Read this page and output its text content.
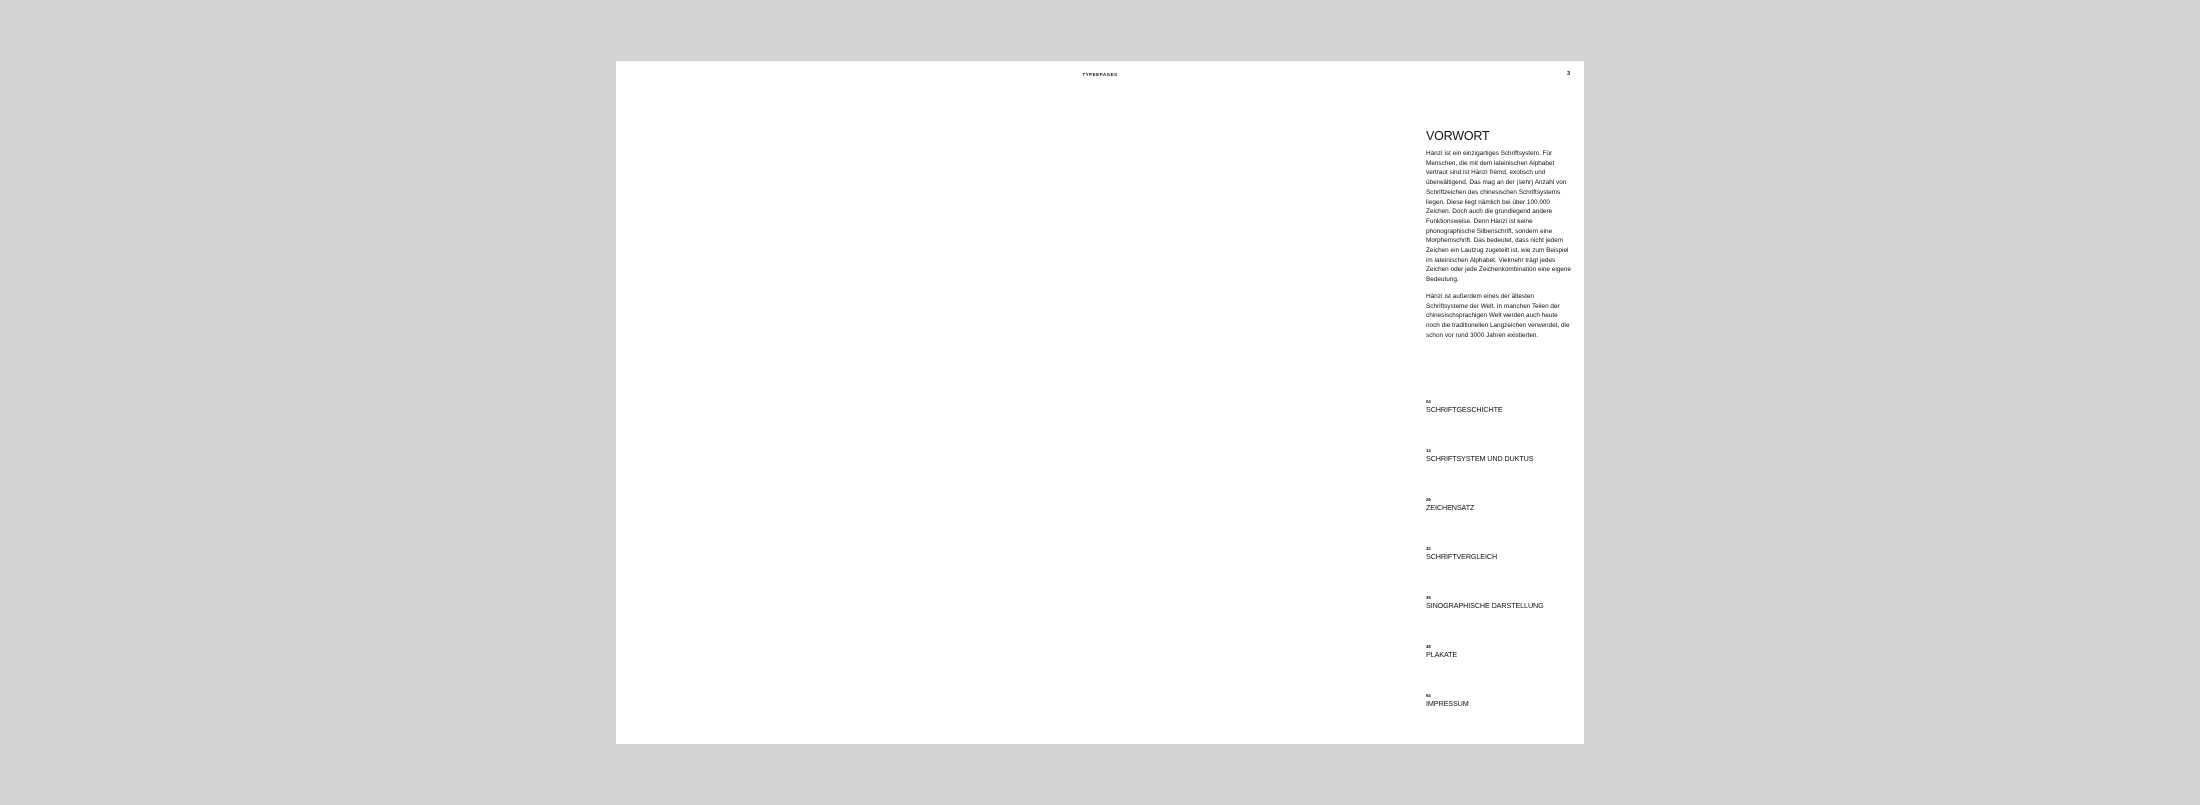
TYPEEPAGES	3
VORWORT

Hànzì ist ein einzigartiges Schriftsystem. Für Menschen, die mit dem lateinischen Alphabet vertraut sind ist Hànzì fremd, exotisch und überwältigend. Das mag an der (sehr) Anzahl von Schriftzeichen des chinesischen Schriftsystems liegen. Diese liegt nämlich bei über 100.000 Zeichen. Doch auch die grundlegend andere Funktionsweise. Denn Hànzì ist keine phonographische Silbenschrift, sondern eine Morphemschrift. Das bedeutet, dass nicht jedem Zeichen ein Lautzug zugeteilt ist, wie zum Beispiel im lateinischen Alphabet. Vielmehr trägt jedes Zeichen oder jede Zeichenkombination eine eigene Bedeutung.

Hànzì ist außerdem eines der ältesten Schriftsysteme der Welt. In manchen Teilen der chinesischsprachigen Welt werden auch heute noch die traditionellen Langzeichen verwendet, die schon vor rund 3000 Jahren existierten.

04
SCHRIFTGESCHICHTE
14
SCHRIFTSYSTEM UND DUKTUS
26
ZEICHENSATZ
32
SCHRIFTVERGLEICH
36
SINOGRAPHISCHE DARSTELLUNG
48
PLAKATE
64
IMPRESSUM
